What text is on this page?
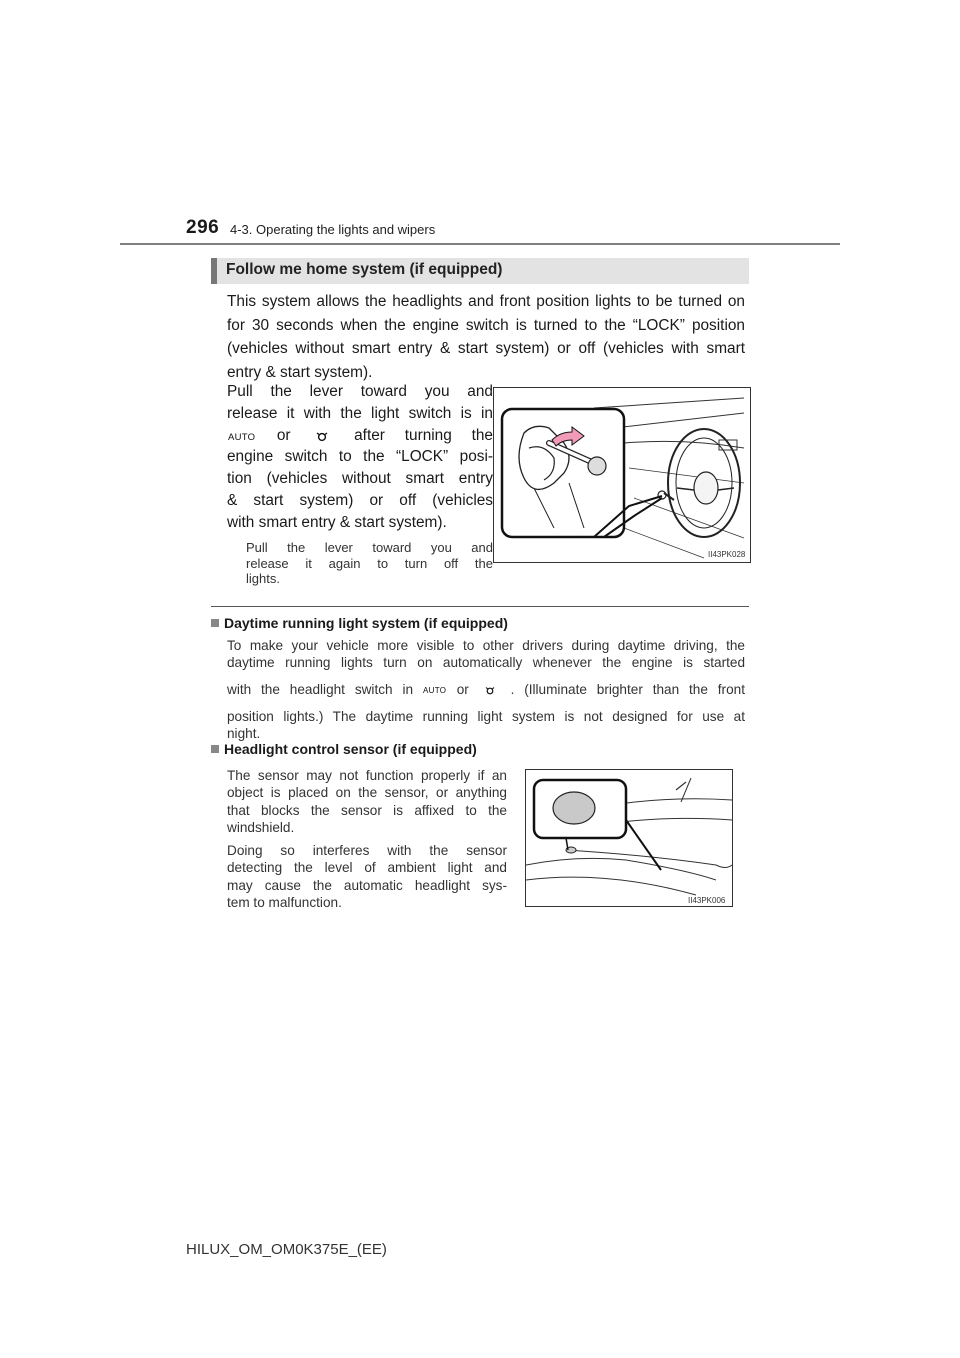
296 4-3. Operating the lights and wipers
Follow me home system (if equipped)
This system allows the headlights and front position lights to be turned on for 30 seconds when the engine switch is turned to the “LOCK” position (vehicles without smart entry & start system) or off (vehicles with smart entry & start system).
Pull the lever toward you and
release it with the light switch is in
AUTO or	after turning the
engine switch to the “LOCK” posi-
tion (vehicles without smart entry
& start system) or off (vehicles
with smart entry & start system).
Pull the lever toward you and
release it again to turn off the
lights.
II43PK028
Daytime running light system (if equipped)
To make your vehicle more visible to other drivers during daytime driving, the
daytime running lights turn on automatically whenever the engine is started
with the headlight switch in AUTO or	. (Illuminate brighter than the front
position lights.) The daytime running light system is not designed for use at
night.
Headlight control sensor (if equipped)
The sensor may not function properly if an
object is placed on the sensor, or anything
that blocks the sensor is affixed to the
windshield.
Doing so interferes with the sensor
detecting the level of ambient light and
may cause the automatic headlight sys-
tem to malfunction.	II43PK006
HILUX_OM_OM0K375E_(EE)
